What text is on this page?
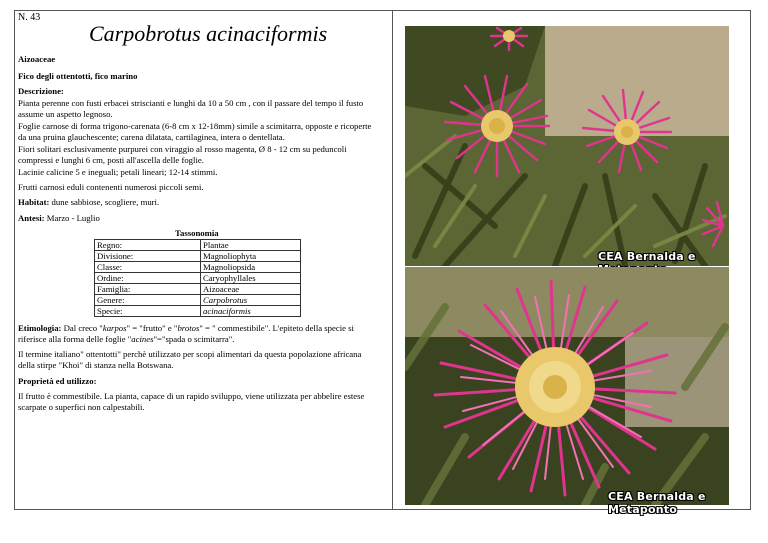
N. 43
Carpobrotus acinaciformis
Aizoaceae
Fico degli ottentotti, fico marino
Descrizione:
Pianta perenne con fusti erbacei striscianti e lunghi da 10 a 50 cm , con il passare del tempo il fusto assume un aspetto legnoso.
Foglie carnose di forma trigono-carenata (6-8 cm x 12-18mm) simile a scimitarra, opposte e ricoperte da una pruina glauchescente; carena dilatata, cartilaginea, intera o dentellata.
Fiori solitari esclusivamente purpurei con viraggio al rosso magenta, Ø 8 - 12 cm su peduncoli compressi e lunghi 6 cm, posti all'ascella delle foglie.
Lacinie calicine 5 e ineguali; petali lineari; 12-14 stimmi.
Frutti carnosi eduli contenenti numerosi piccoli semi.
Habitat: dune sabbiose, scogliere, muri.
Antesi: Marzo - Luglio
Tassonomia
Regno:	Plantae
Divisione:	Magnoliophyta
Classe:	Magnoliopsida
Ordine:	Caryophyllales
Famiglia:	Aizoaceae
Genere:	Carpobrotus
Specie:	acinaciformis
Etimologia: Dal creco "karpos" = "frutto" e "brotos" = " commestibile". L'epiteto della specie si riferisce alla forma delle foglie "acines"="spada o scimitarra".
Il termine italiano" ottentotti" perchè utilizzato per scopi alimentari da questa popolazione africana della stirpe "Khoi" di stanza nella Botswana.
Proprietà ed utilizzo:
Il frutto è commestibile. La pianta, capace di un rapido sviluppo, viene utilizzata per abbelire estese scarpate o superfici non calpestabili.
CEA Bernalda e
CEA Bernalda e Metaponto
